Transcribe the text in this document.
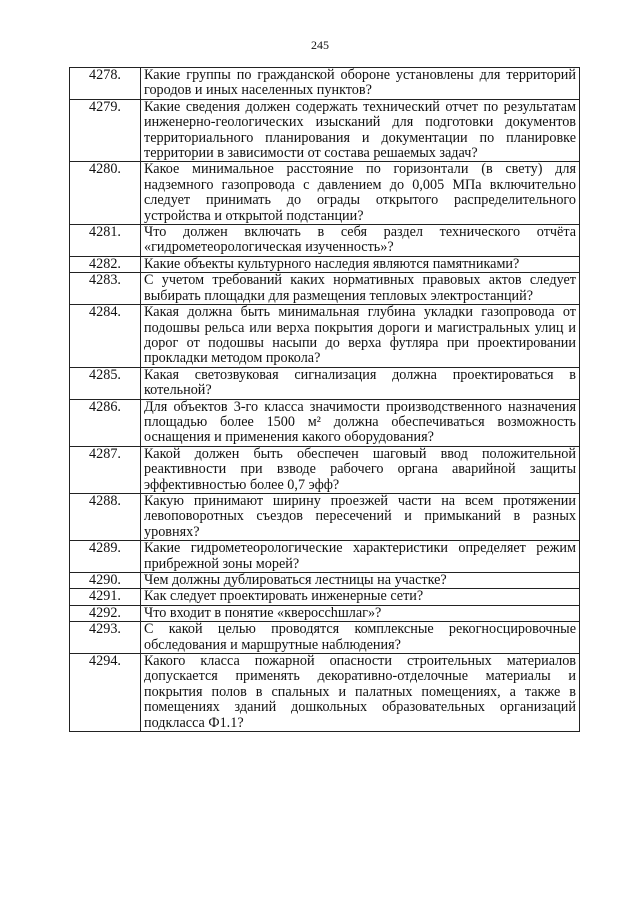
245
4278.	Какие группы по гражданской обороне установлены для территорий городов и иных населенных пунктов?
4279.	Какие сведения должен содержать технический отчет по результатам инженерно-геологических изысканий для подготовки документов территориального планирования и документации по планировке территории в зависимости от состава решаемых задач?
4280.	Какое минимальное расстояние по горизонтали (в свету) для надземного газопровода с давлением до 0,005 МПа включительно следует принимать до ограды открытого распределительного устройства и открытой подстанции?
4281.	Что должен включать в себя раздел технического отчёта «гидрометеорологическая изученность»?
4282.	Какие объекты культурного наследия являются памятниками?
4283.	С учетом требований каких нормативных правовых актов следует выбирать площадки для размещения тепловых электростанций?
4284.	Какая должна быть минимальная глубина укладки газопровода от подошвы рельса или верха покрытия дороги и магистральных улиц и дорог от подошвы насыпи до верха футляра при проектировании прокладки методом прокола?
4285.	Какая светозвуковая сигнализация должна проектироваться в котельной?
4286.	Для объектов 3-го класса значимости производственного назначения площадью более 1500 м² должна обеспечиваться возможность оснащения и применения какого оборудования?
4287.	Какой должен быть обеспечен шаговый ввод положительной реактивности при взводе рабочего органа аварийной защиты эффективностью более 0,7 эфф?
4288.	Какую принимают ширину проезжей части на всем протяжении левоповоротных съездов пересечений и примыканий в разных уровнях?
4289.	Какие гидрометеорологические характеристики определяет режим прибрежной зоны морей?
4290.	Чем должны дублироваться лестницы на участке?
4291.	Как следует проектировать инженерные сети?
4292.	Что входит в понятие «кверocchшлаг»?
4293.	С какой целью проводятся комплексные рекогносцировочные обследования и маршрутные наблюдения?
4294.	Какого класса пожарной опасности строительных материалов допускается применять декоративно-отделочные материалы и покрытия полов в спальных и палатных помещениях, а также в помещениях зданий дошкольных образовательных организаций подкласса Ф1.1?
